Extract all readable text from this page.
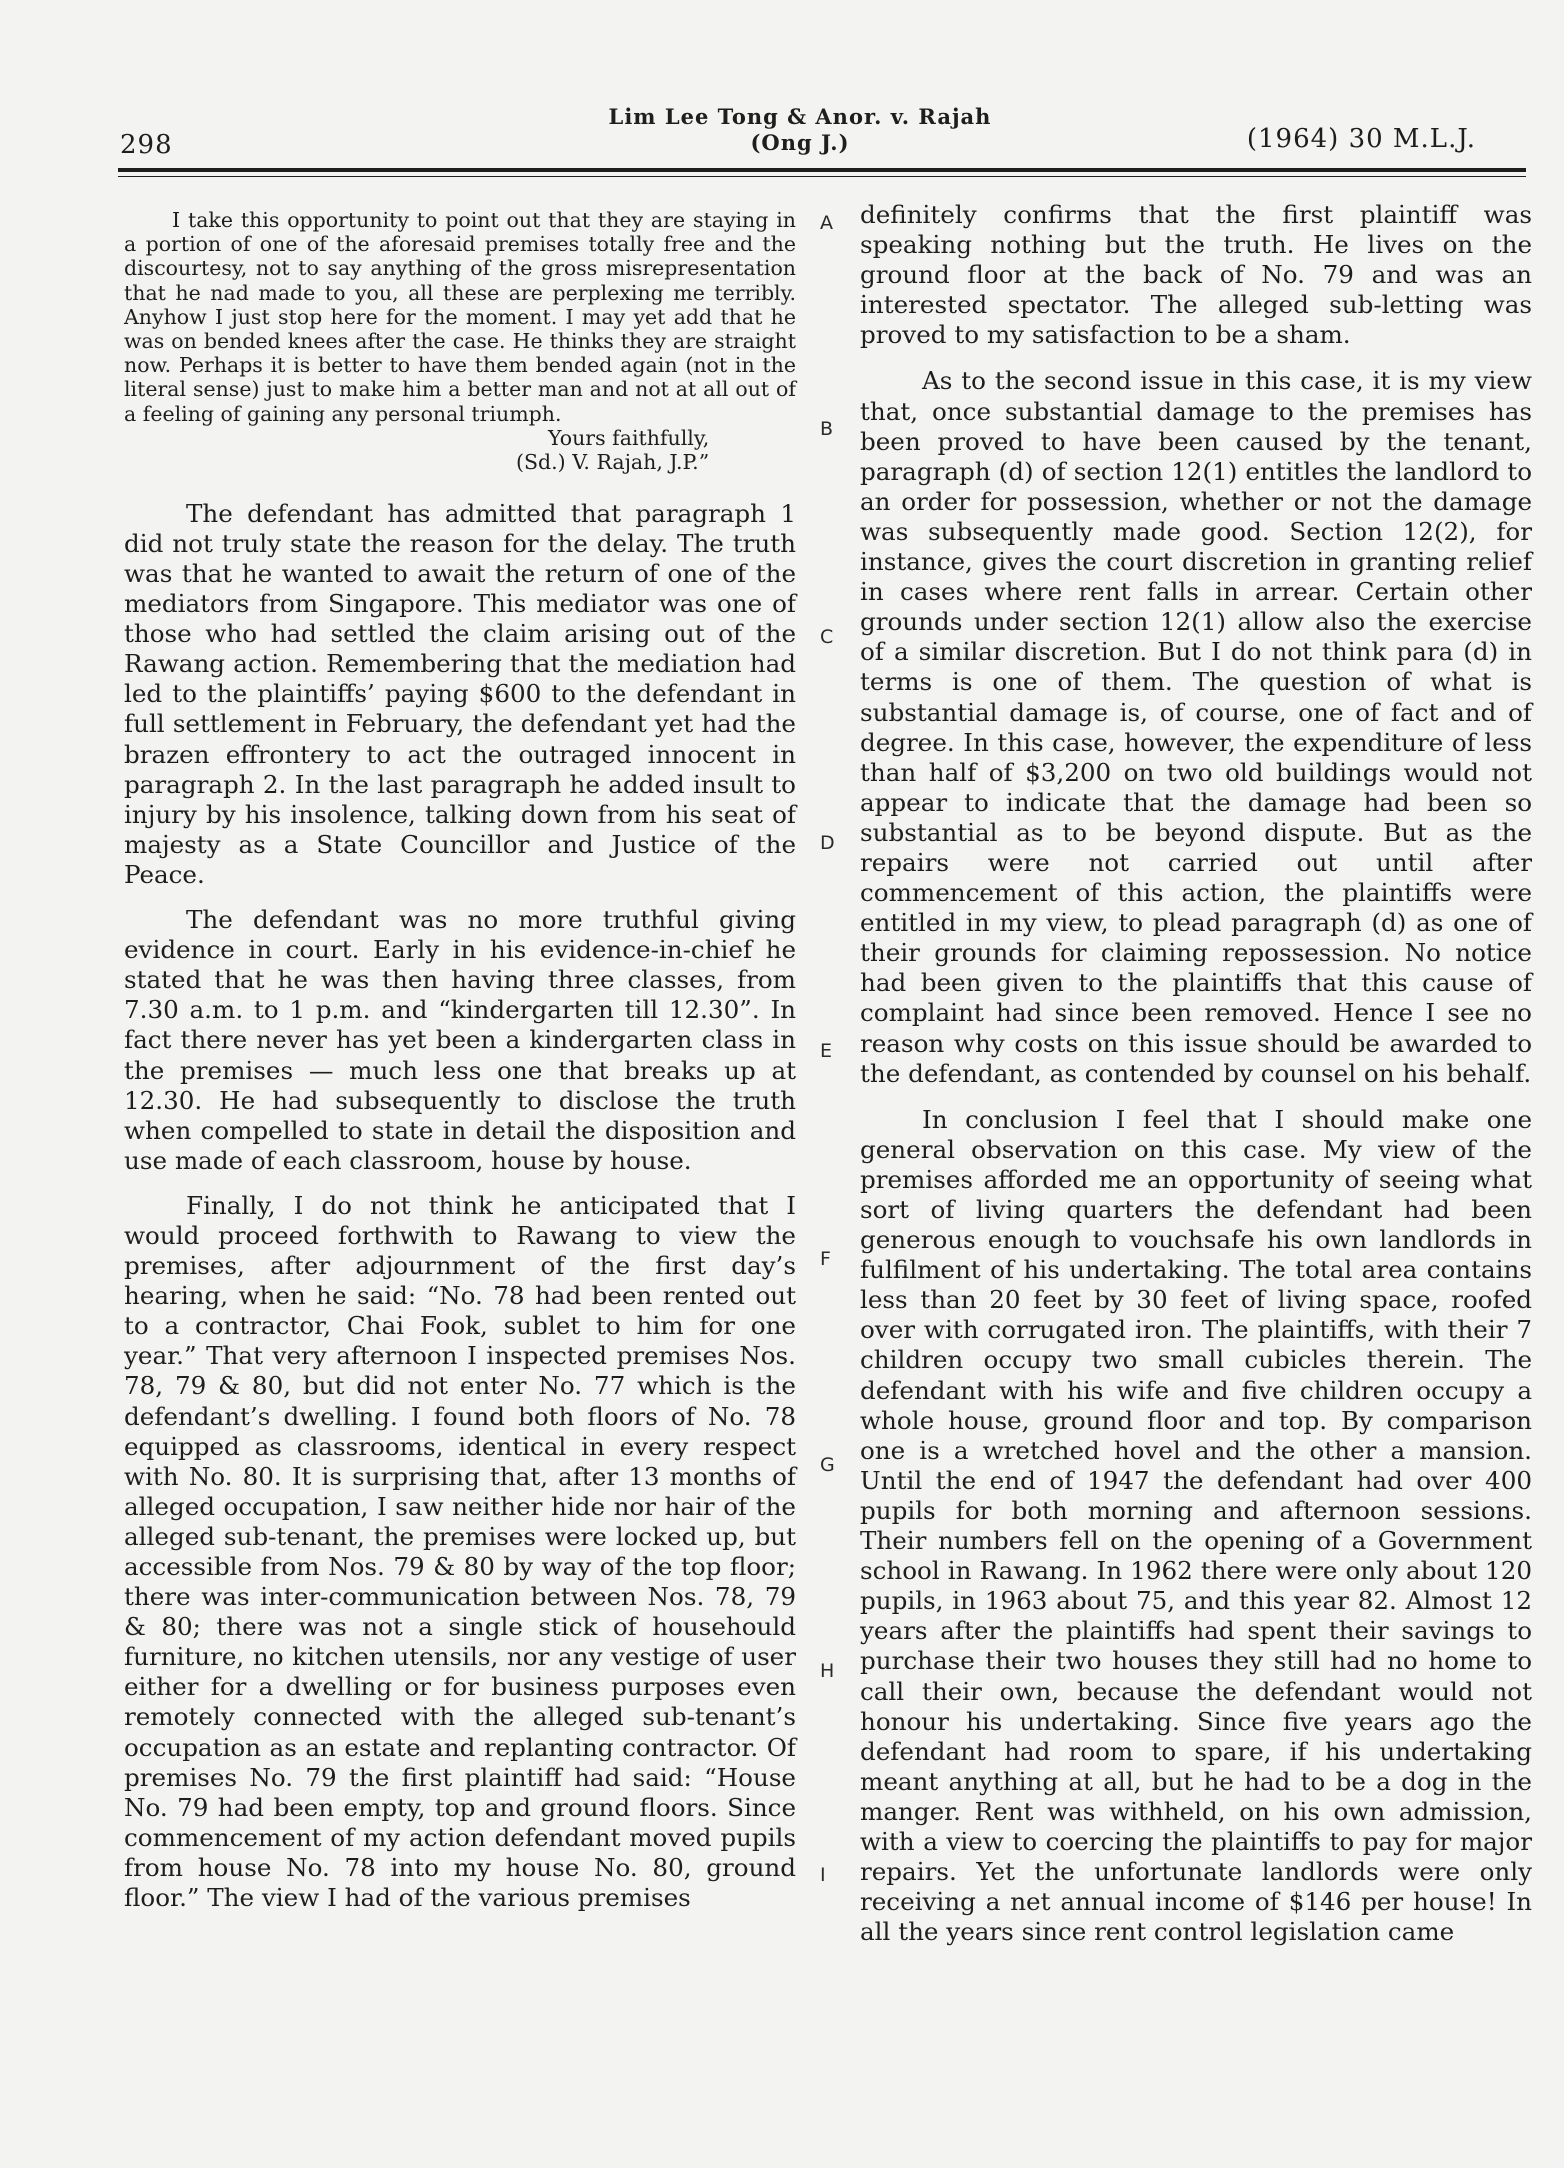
298
Lim Lee Tong & Anor. v. Rajah
(Ong J.)	(1964) 30 M.L.J.

I take this opportunity to point out that they are staying in a portion of one of the aforesaid premises totally free and the discourtesy, not to say anything of the gross misrepresentation that he nad made to you, all these are perplexing me terribly. Anyhow I just stop here for the moment. I may yet add that he was on bended knees after the case. He thinks they are straight now. Perhaps it is better to have them bended again (not in the literal sense) just to make him a better man and not at all out of a feeling of gaining any personal triumph.

Yours faithfully,

(Sd.) V. Rajah, J.P.”

The defendant has admitted that paragraph 1 did not truly state the reason for the delay. The truth was that he wanted to await the return of one of the mediators from Singapore. This mediator was one of those who had settled the claim arising out of the Rawang action. Remembering that the mediation had led to the plaintiffs’ paying $600 to the defendant in full settlement in February, the defendant yet had the brazen effrontery to act the outraged innocent in paragraph 2. In the last paragraph he added insult to injury by his insolence, talking down from his seat of majesty as a State Councillor and Justice of the Peace.

The defendant was no more truthful giving evidence in court. Early in his evidence-in-chief he stated that he was then having three classes, from 7.30 a.m. to 1 p.m. and “kindergarten till 12.30”. In fact there never has yet been a kindergarten class in the premises — much less one that breaks up at 12.30. He had subsequently to disclose the truth when compelled to state in detail the disposition and use made of each classroom, house by house.

Finally, I do not think he anticipated that I would proceed forthwith to Rawang to view the premises, after adjournment of the first day’s hearing, when he said: “No. 78 had been rented out to a contractor, Chai Fook, sublet to him for one year.” That very afternoon I inspected premises Nos. 78, 79 & 80, but did not enter No. 77 which is the defendant’s dwelling. I found both floors of No. 78 equipped as classrooms, identical in every respect with No. 80. It is surprising that, after 13 months of alleged occupation, I saw neither hide nor hair of the alleged sub-tenant, the premises were locked up, but accessible from Nos. 79 & 80 by way of the top floor; there was inter-communication between Nos. 78, 79 & 80; there was not a single stick of househould furniture, no kitchen utensils, nor any vestige of user either for a dwelling or for business purposes even remotely connected with the alleged sub-tenant’s occupation as an estate and replanting contractor. Of premises No. 79 the first plaintiff had said: “House No. 79 had been empty, top and ground floors. Since commencement of my action defendant moved pupils from house No. 78 into my house No. 80, ground floor.” The view I had of the various premises

A
B
C
D
E
F
G
H
I

definitely confirms that the first plaintiff was speaking nothing but the truth. He lives on the ground floor at the back of No. 79 and was an interested spectator. The alleged sub-letting was proved to my satisfaction to be a sham.

As to the second issue in this case, it is my view that, once substantial damage to the premises has been proved to have been caused by the tenant, paragraph (d) of section 12(1) entitles the landlord to an order for possession, whether or not the damage was subsequently made good. Section 12(2), for instance, gives the court discretion in granting relief in cases where rent falls in arrear. Certain other grounds under section 12(1) allow also the exercise of a similar discretion. But I do not think para (d) in terms is one of them. The question of what is substantial damage is, of course, one of fact and of degree. In this case, however, the expenditure of less than half of $3,200 on two old buildings would not appear to indicate that the damage had been so substantial as to be beyond dispute. But as the repairs were not carried out until after commencement of this action, the plaintiffs were entitled in my view, to plead paragraph (d) as one of their grounds for claiming repossession. No notice had been given to the plaintiffs that this cause of complaint had since been removed. Hence I see no reason why costs on this issue should be awarded to the defendant, as contended by counsel on his behalf.

In conclusion I feel that I should make one general observation on this case. My view of the premises afforded me an opportunity of seeing what sort of living quarters the defendant had been generous enough to vouchsafe his own landlords in fulfilment of his undertaking. The total area contains less than 20 feet by 30 feet of living space, roofed over with corrugated iron. The plaintiffs, with their 7 children occupy two small cubicles therein. The defendant with his wife and five children occupy a whole house, ground floor and top. By comparison one is a wretched hovel and the other a mansion. Until the end of 1947 the defendant had over 400 pupils for both morning and afternoon sessions. Their numbers fell on the opening of a Government school in Rawang. In 1962 there were only about 120 pupils, in 1963 about 75, and this year 82. Almost 12 years after the plaintiffs had spent their savings to purchase their two houses they still had no home to call their own, because the defendant would not honour his undertaking. Since five years ago the defendant had room to spare, if his undertaking meant anything at all, but he had to be a dog in the manger. Rent was withheld, on his own admission, with a view to coercing the plaintiffs to pay for major repairs. Yet the unfortunate landlords were only receiving a net annual income of $146 per house! In all the years since rent control legislation came
